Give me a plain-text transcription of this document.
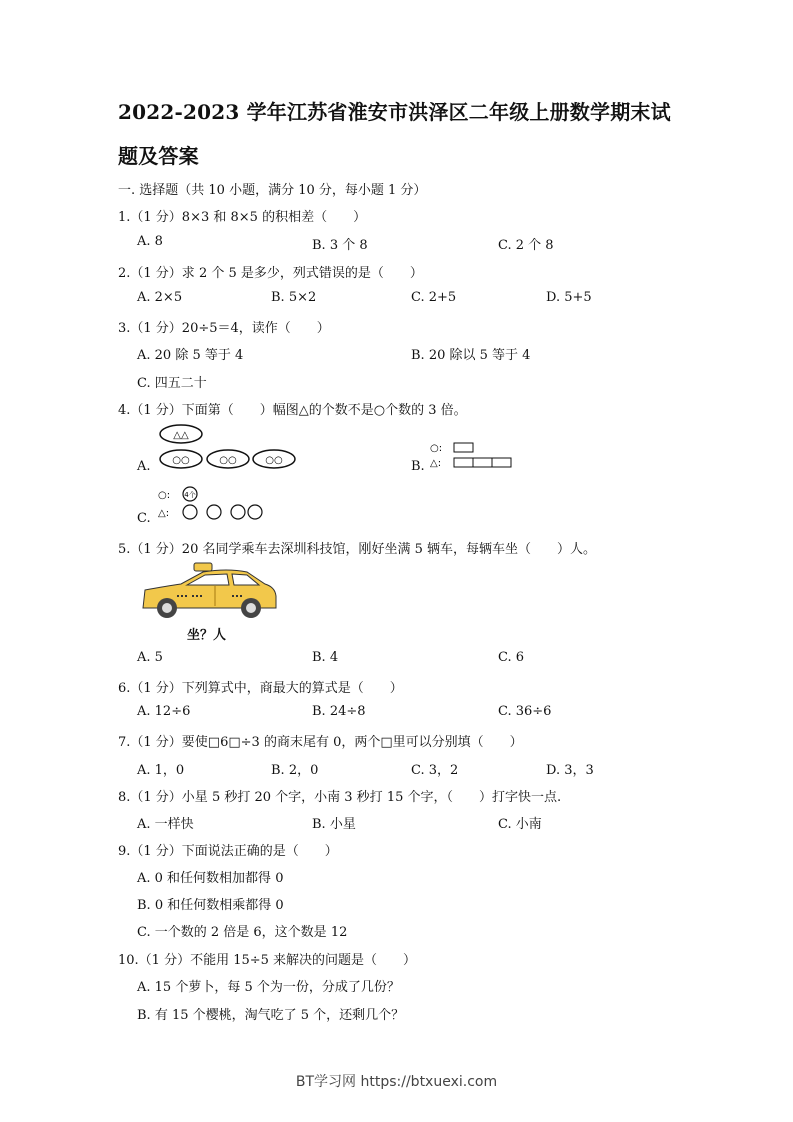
2022-2023 学年江苏省淮安市洪泽区二年级上册数学期末试
题及答案
一. 选择题（共 10 小题，满分 10 分，每小题 1 分）
1.（1 分）8×3 和 8×5 的积相差（　　）
A. 8	B. 3 个 8	C. 2 个 8
2.（1 分）求 2 个 5 是多少，列式错误的是（　　）
A. 2×5	B. 5×2	C. 2+5	D. 5+5
3.（1 分）20÷5＝4，读作（　　）
A. 20 除 5 等于 4	B. 20 除以 5 等于 4
C. 四五二十
4.（1 分）下面第（　　）幅图△的个数不是○个数的 3 倍。
A.	B.
C.
△△
○○	○○	○○
○:
△:
○: 4个
△:
5.（1 分）20 名同学乘车去深圳科技馆，刚好坐满 5 辆车，每辆车坐（　　）人。
坐？人
A. 5	B. 4	C. 6
6.（1 分）下列算式中，商最大的算式是（　　）
A. 12÷6	B. 24÷8	C. 36÷6
7.（1 分）要使□6□÷3 的商末尾有 0，两个□里可以分别填（　　）
A. 1，0	B. 2，0	C. 3，2	D. 3，3
8.（1 分）小星 5 秒打 20 个字，小南 3 秒打 15 个字，（　　）打字快一点.
A. 一样快	B. 小星	C. 小南
9.（1 分）下面说法正确的是（　　）
A. 0 和任何数相加都得 0
B. 0 和任何数相乘都得 0
C. 一个数的 2 倍是 6，这个数是 12
10.（1 分）不能用 15÷5 来解决的问题是（　　）
A. 15 个萝卜，每 5 个为一份，分成了几份？
B. 有 15 个樱桃，淘气吃了 5 个，还剩几个？
BT学习网 https://btxuexi.com
